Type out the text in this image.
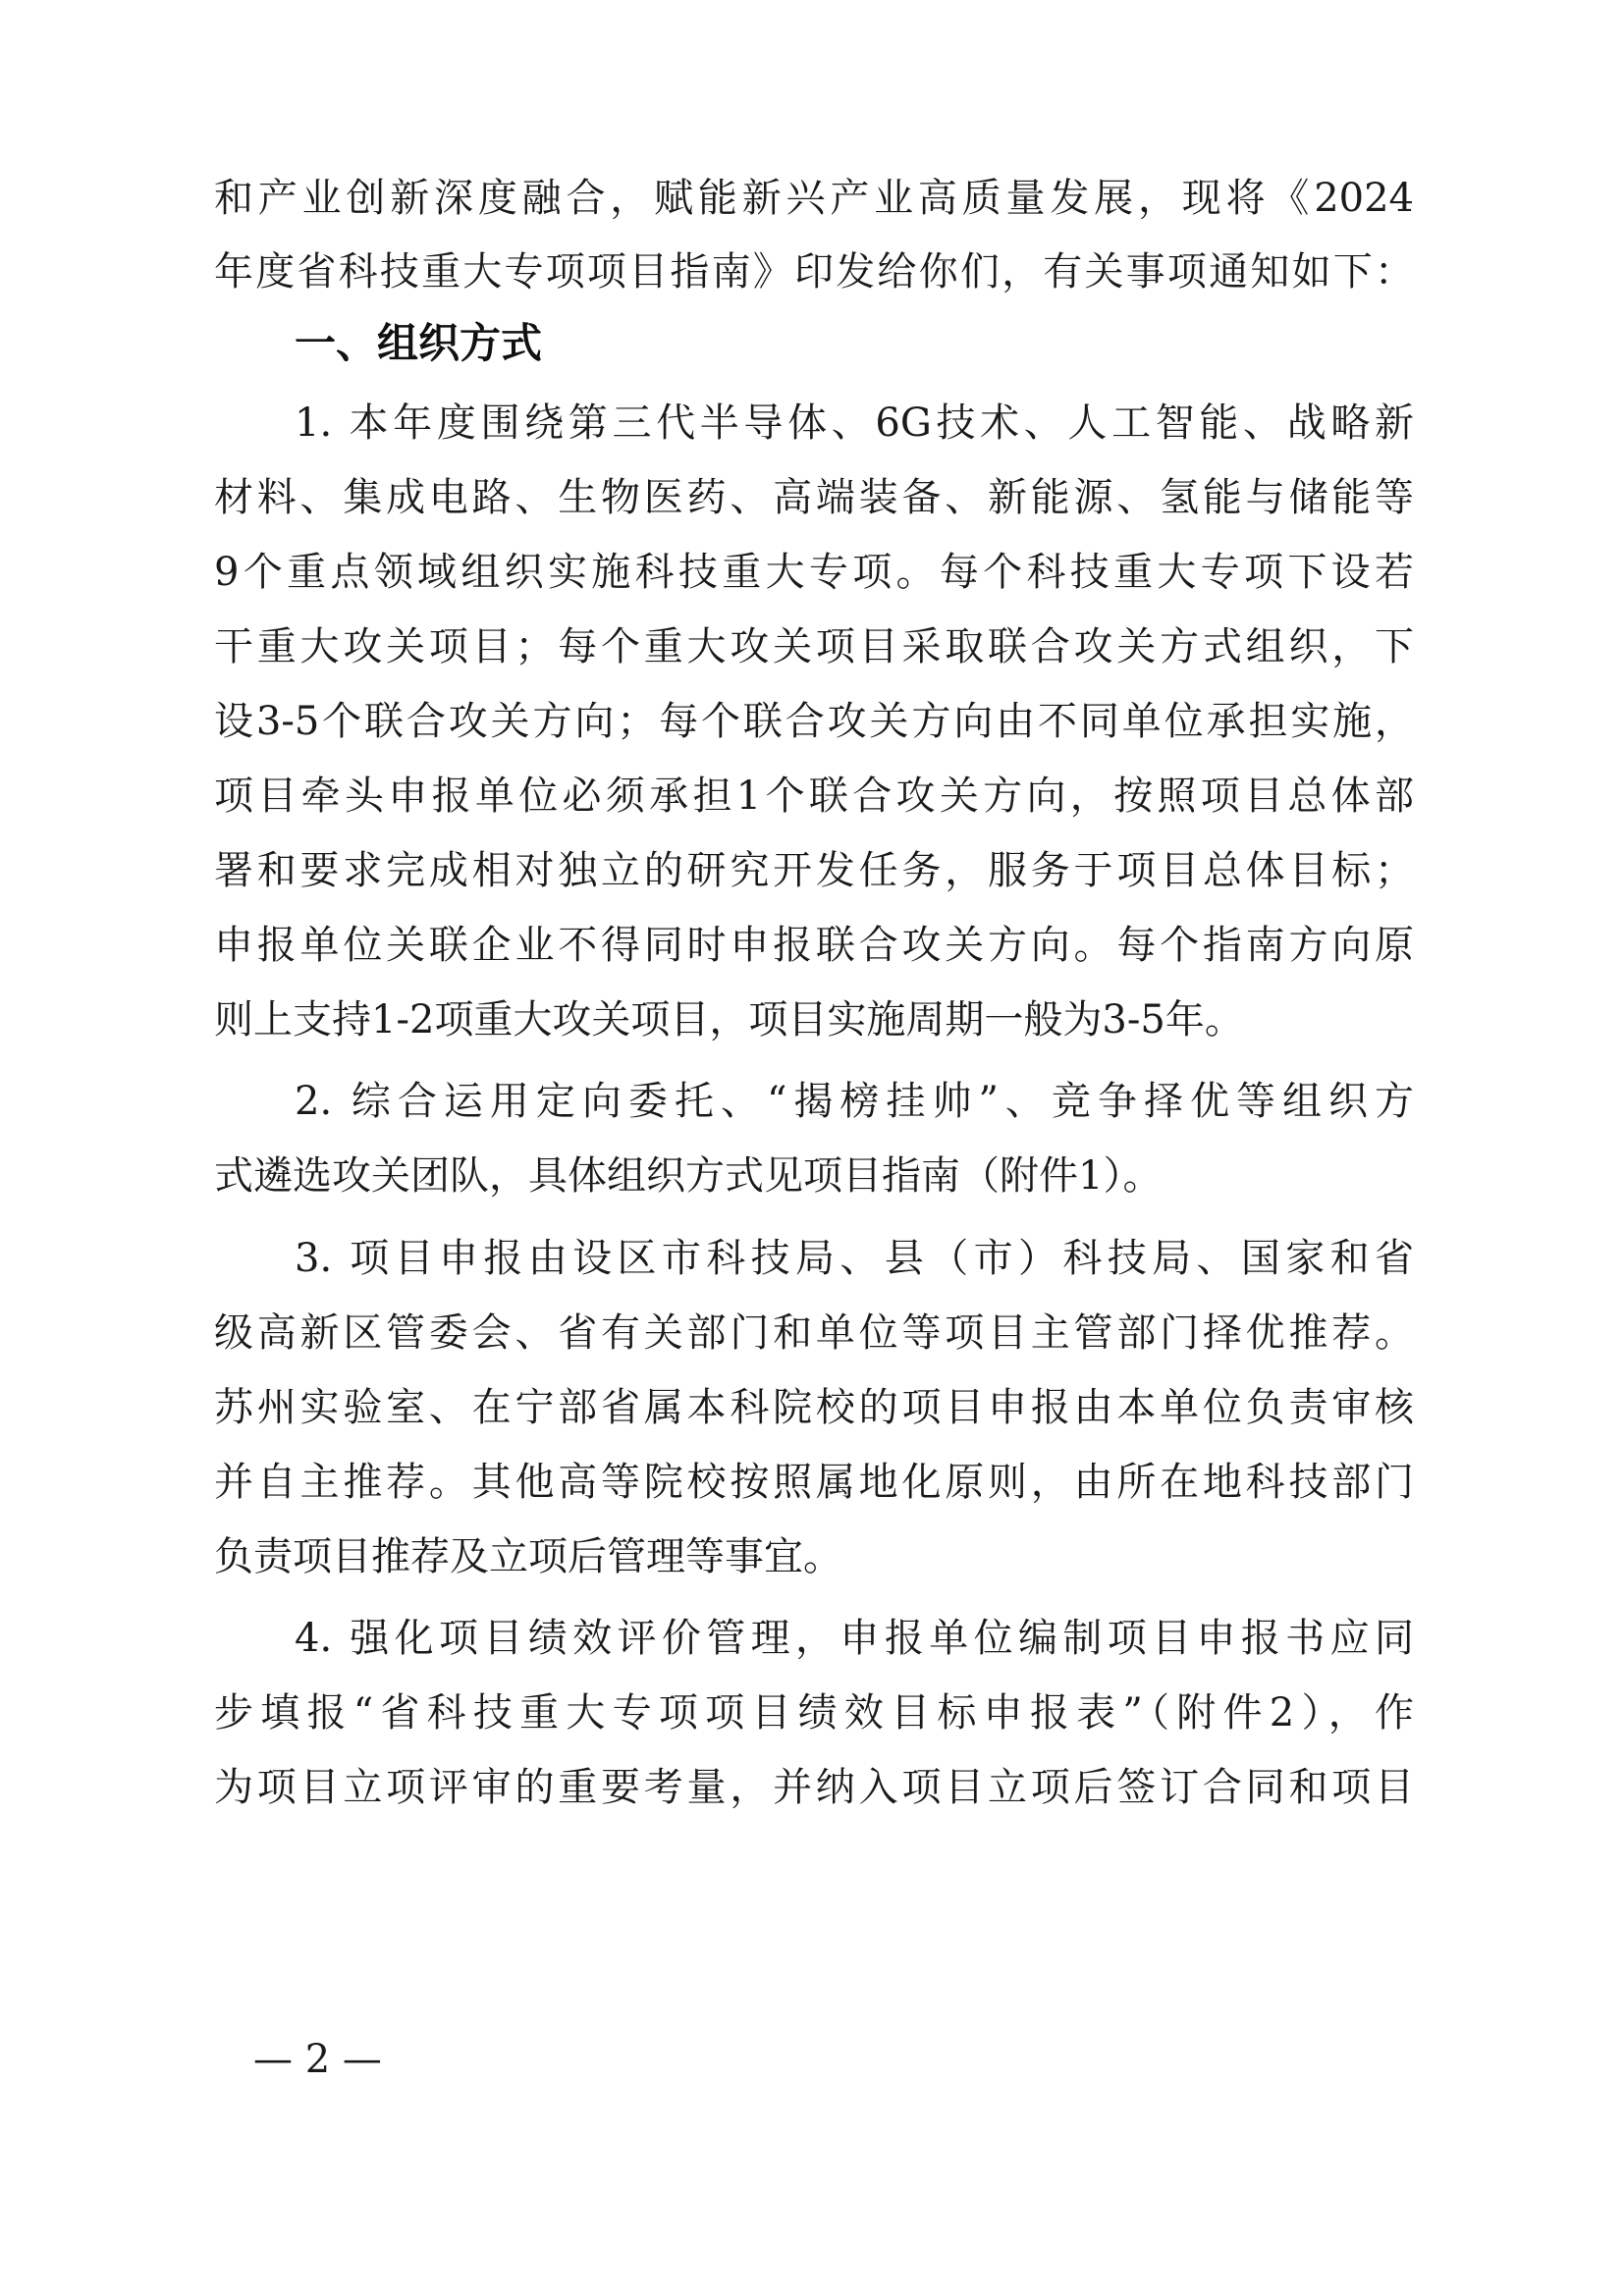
和产业创新深度融合，赋能新兴产业高质量发展，现将《2024
年度省科技重大专项项目指南》印发给你们，有关事项通知如下：
一、组织方式
1. 本年度围绕第三代半导体、6G技术、人工智能、战略新
材料、集成电路、生物医药、高端装备、新能源、氢能与储能等
9个重点领域组织实施科技重大专项。每个科技重大专项下设若
干重大攻关项目；每个重大攻关项目采取联合攻关方式组织，下
设3-5个联合攻关方向；每个联合攻关方向由不同单位承担实施，
项目牵头申报单位必须承担1个联合攻关方向，按照项目总体部
署和要求完成相对独立的研究开发任务，服务于项目总体目标；
申报单位关联企业不得同时申报联合攻关方向。每个指南方向原
则上支持1-2项重大攻关项目，项目实施周期一般为3-5年。
2. 综合运用定向委托、“揭榜挂帅”、竞争择优等组织方
式遴选攻关团队，具体组织方式见项目指南（附件1）。
3. 项目申报由设区市科技局、县（市）科技局、国家和省
级高新区管委会、省有关部门和单位等项目主管部门择优推荐。
苏州实验室、在宁部省属本科院校的项目申报由本单位负责审核
并自主推荐。其他高等院校按照属地化原则，由所在地科技部门
负责项目推荐及立项后管理等事宜。
4. 强化项目绩效评价管理，申报单位编制项目申报书应同
步填报“省科技重大专项项目绩效目标申报表”（附件2），作
为项目立项评审的重要考量，并纳入项目立项后签订合同和项目
— 2 —
